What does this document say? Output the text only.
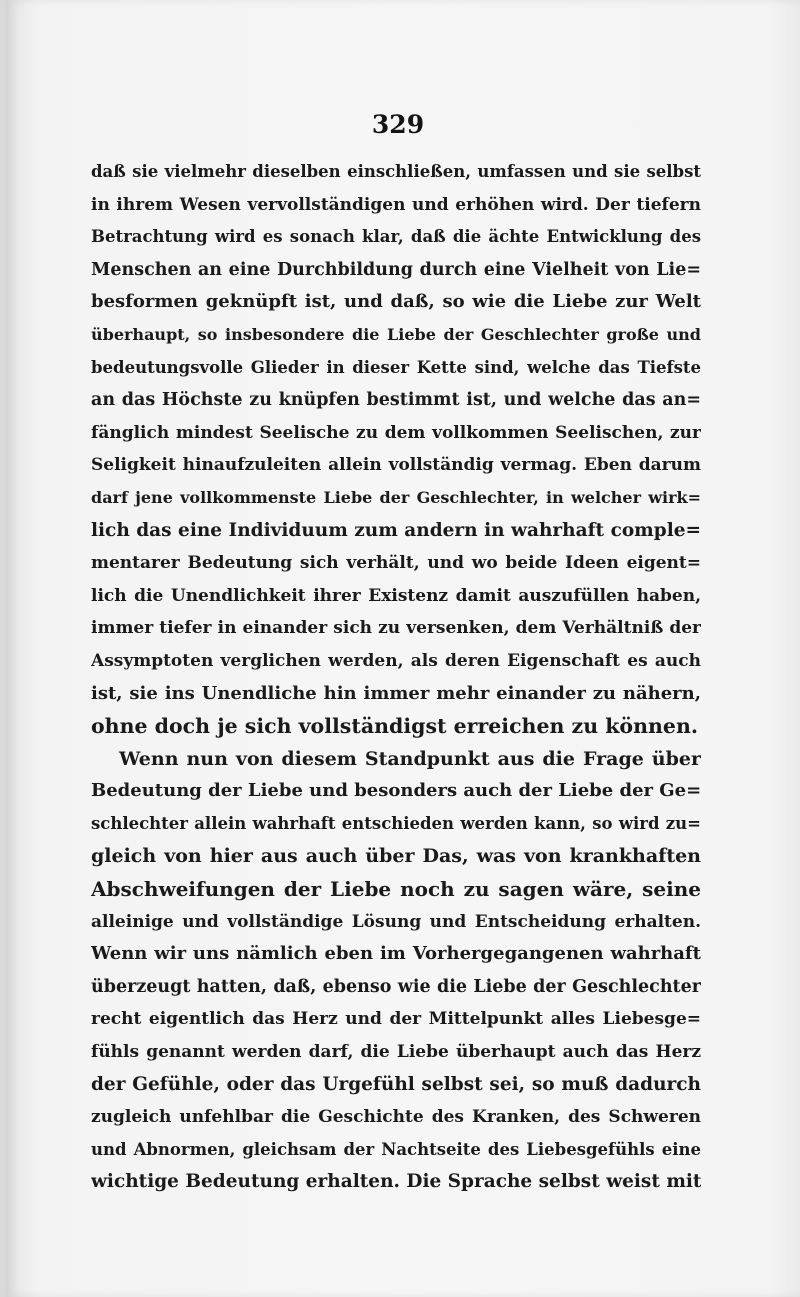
329
daß sie vielmehr dieselben einschließen, umfassen und sie selbst
in ihrem Wesen vervollständigen und erhöhen wird. Der tiefern
Betrachtung wird es sonach klar, daß die ächte Entwicklung des
Menschen an eine Durchbildung durch eine Vielheit von Lie=
besformen geknüpft ist, und daß, so wie die Liebe zur Welt
überhaupt, so insbesondere die Liebe der Geschlechter große und
bedeutungsvolle Glieder in dieser Kette sind, welche das Tiefste
an das Höchste zu knüpfen bestimmt ist, und welche das an=
fänglich mindest Seelische zu dem vollkommen Seelischen, zur
Seligkeit hinaufzuleiten allein vollständig vermag. Eben darum
darf jene vollkommenste Liebe der Geschlechter, in welcher wirk=
lich das eine Individuum zum andern in wahrhaft comple=
mentarer Bedeutung sich verhält, und wo beide Ideen eigent=
lich die Unendlichkeit ihrer Existenz damit auszufüllen haben,
immer tiefer in einander sich zu versenken, dem Verhältniß der
Assymptoten verglichen werden, als deren Eigenschaft es auch
ist, sie ins Unendliche hin immer mehr einander zu nähern,
ohne doch je sich vollständigst erreichen zu können.
Wenn nun von diesem Standpunkt aus die Frage über
Bedeutung der Liebe und besonders auch der Liebe der Ge=
schlechter allein wahrhaft entschieden werden kann, so wird zu=
gleich von hier aus auch über Das, was von krankhaften
Abschweifungen der Liebe noch zu sagen wäre, seine
alleinige und vollständige Lösung und Entscheidung erhalten.
Wenn wir uns nämlich eben im Vorhergegangenen wahrhaft
überzeugt hatten, daß, ebenso wie die Liebe der Geschlechter
recht eigentlich das Herz und der Mittelpunkt alles Liebesge=
fühls genannt werden darf, die Liebe überhaupt auch das Herz
der Gefühle, oder das Urgefühl selbst sei, so muß dadurch
zugleich unfehlbar die Geschichte des Kranken, des Schweren
und Abnormen, gleichsam der Nachtseite des Liebesgefühls eine
wichtige Bedeutung erhalten. Die Sprache selbst weist mit
